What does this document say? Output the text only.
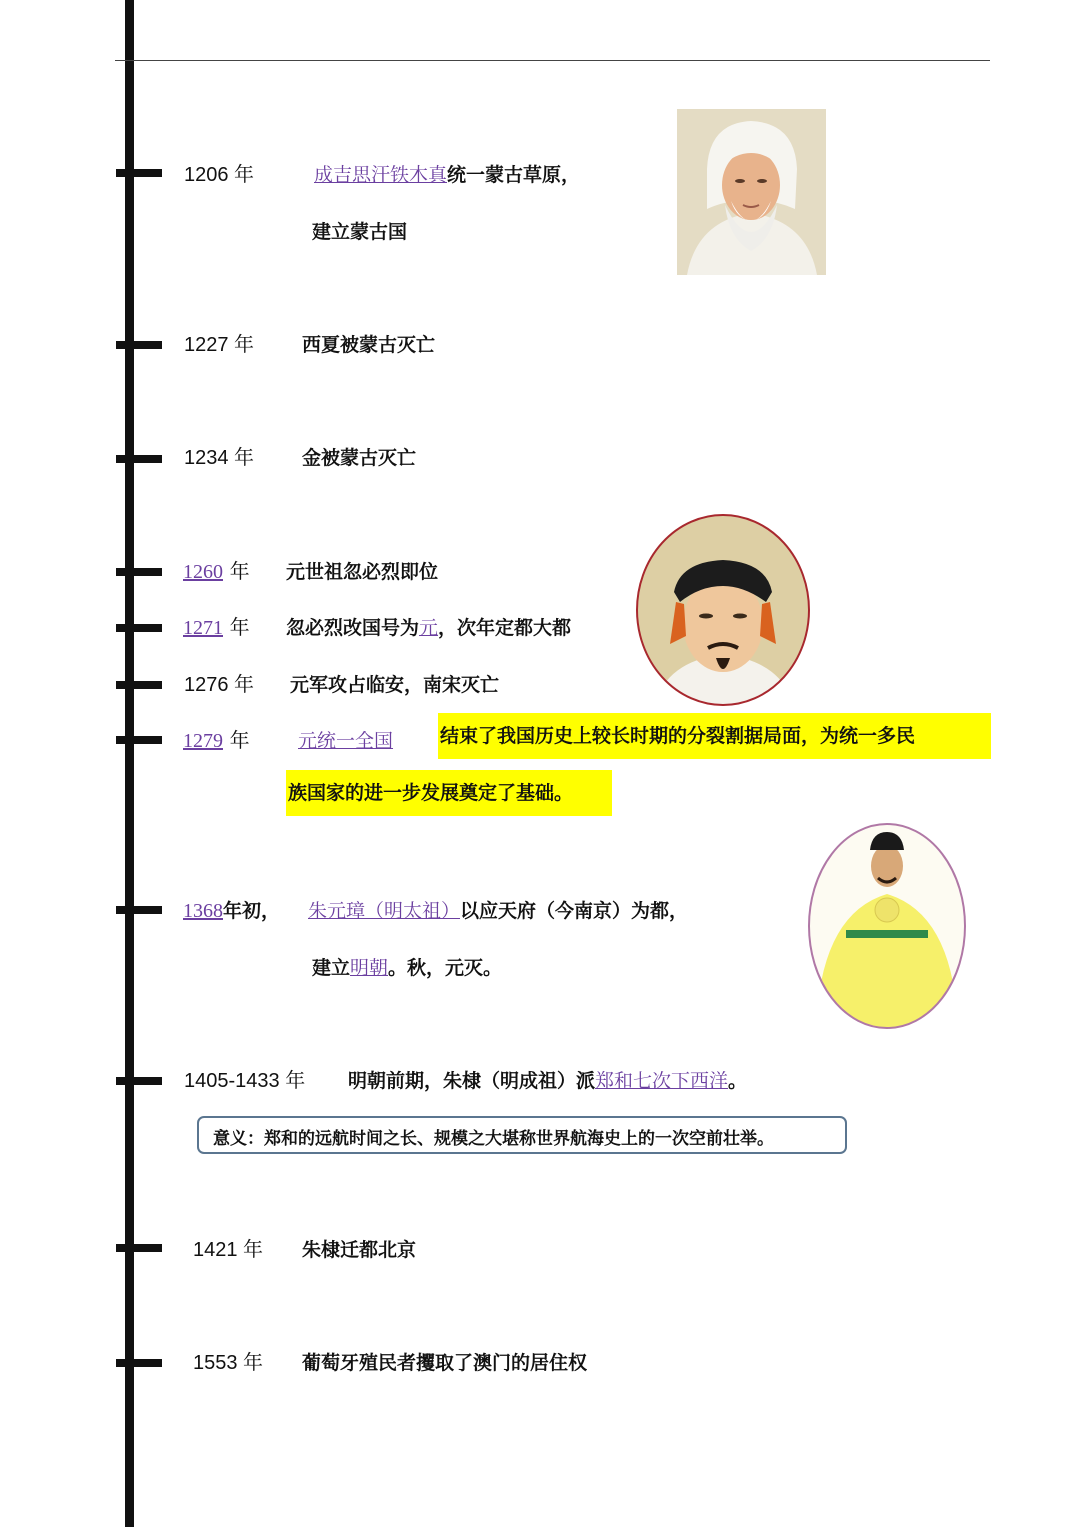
1206 年	成吉思汗铁木真统一蒙古草原，
建立蒙古国
1227 年	西夏被蒙古灭亡
1234 年	金被蒙古灭亡
1260 年 元世祖忽必烈即位
1271 年 忽必烈改国号为元，次年定都大都
1276 年 元军攻占临安，南宋灭亡
1279 年	元统一全国 结束了我国历史上较长时期的分裂割据局面，为统一多民
族国家的进一步发展奠定了基础。
1368年初， 朱元璋（明太祖）以应天府（今南京）为都，
建立明朝。秋，元灭。
1405-1433 年 明朝前期，朱棣（明成祖）派郑和七次下西洋。
意义：郑和的远航时间之长、规模之大堪称世界航海史上的一次空前壮举。
1421 年 朱棣迁都北京
1553 年 葡萄牙殖民者攫取了澳门的居住权
